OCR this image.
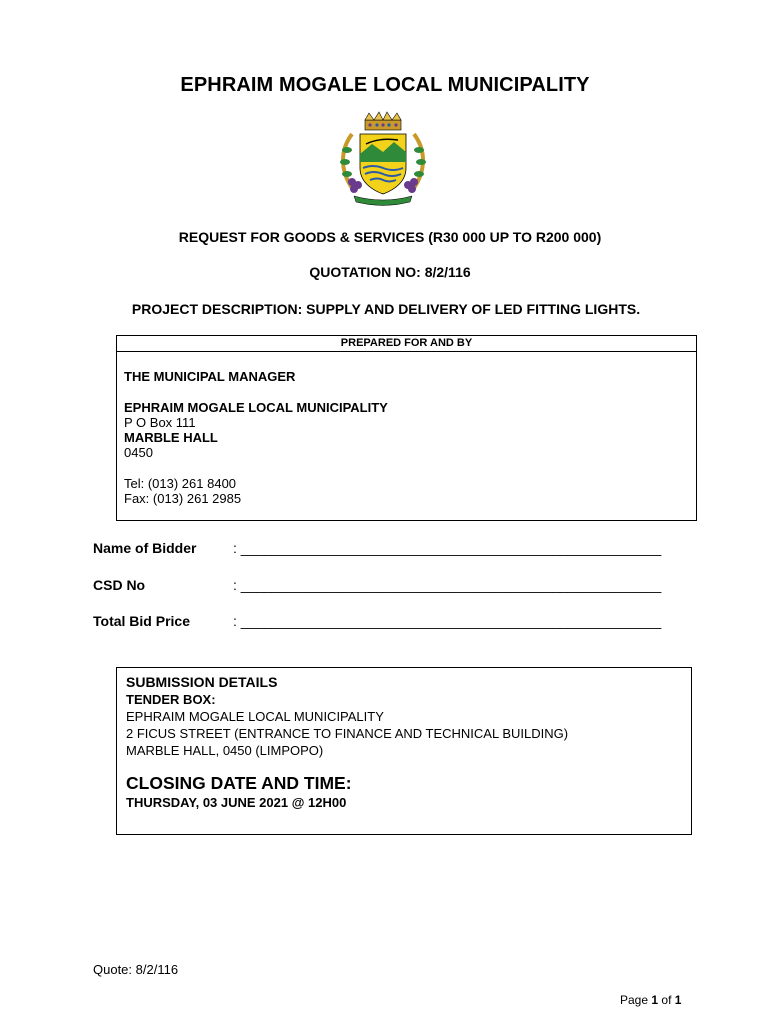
EPHRAIM MOGALE LOCAL MUNICIPALITY
REQUEST FOR GOODS & SERVICES (R30 000 UP TO R200 000)
QUOTATION NO: 8/2/116
PROJECT DESCRIPTION: SUPPLY AND DELIVERY OF LED FITTING LIGHTS.
PREPARED FOR AND BY
THE MUNICIPAL MANAGER
EPHRAIM MOGALE LOCAL MUNICIPALITY
P O Box 111
MARBLE HALL
0450
Tel: (013) 261 8400
Fax: (013) 261 2985
Name of Bidder	: ______________________________________________________
CSD No	: ______________________________________________________
Total Bid Price	: ______________________________________________________
SUBMISSION DETAILS
TENDER BOX:
EPHRAIM MOGALE LOCAL MUNICIPALITY
2 FICUS STREET (ENTRANCE TO FINANCE AND TECHNICAL BUILDING)
MARBLE HALL, 0450 (LIMPOPO)
CLOSING DATE AND TIME:
THURSDAY, 03 JUNE 2021 @ 12H00
Quote: 8/2/116
Page 1 of 1
